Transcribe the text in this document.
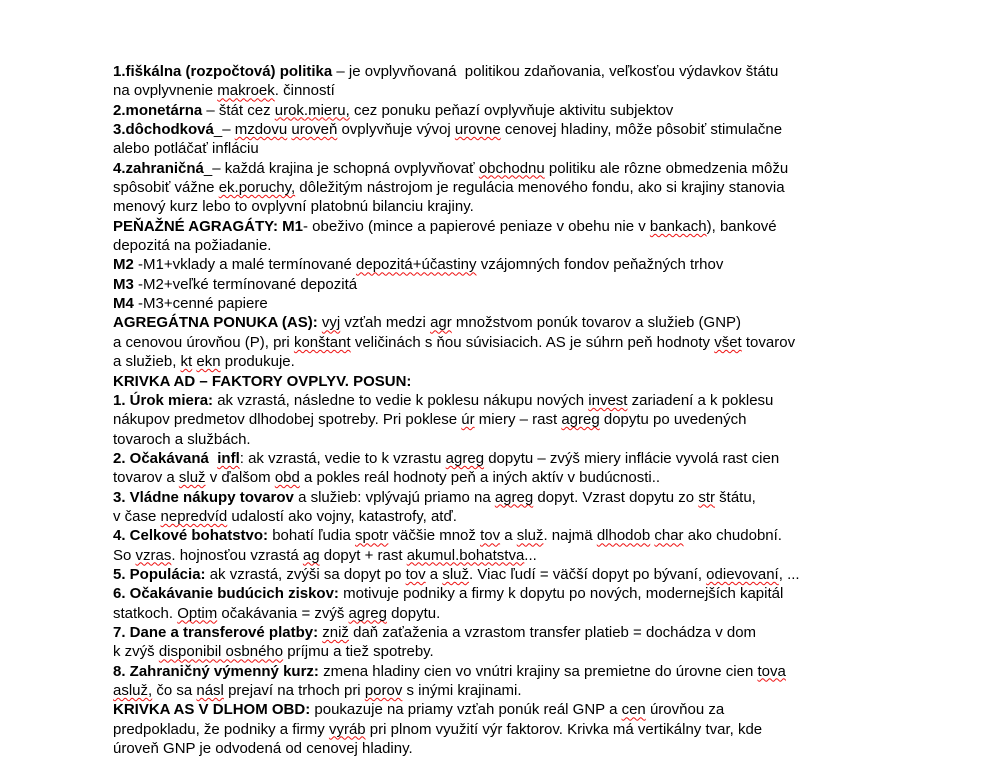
1.fiškálna (rozpočtová) politika – je ovplyvňovaná  politikou zdaňovania, veľkosťou výdavkov štátu
na ovplyvnenie makroek. činností
2.monetárna – štát cez urok.mieru, cez ponuku peňazí ovplyvňuje aktivitu subjektov
3.dôchodková_– mzdovu uroveň ovplyvňuje vývoj urovne cenovej hladiny, môže pôsobiť stimulačne
alebo potláčať infláciu
4.zahraničná_– každá krajina je schopná ovplyvňovať obchodnu politiku ale rôzne obmedzenia môžu
spôsobiť vážne ek.poruchy, dôležitým nástrojom je regulácia menového fondu, ako si krajiny stanovia
menový kurz lebo to ovplyvní platobnú bilanciu krajiny.
PEŇAŽNÉ AGRAGÁTY: M1- obeživo (mince a papierové peniaze v obehu nie v bankach), bankové
depozitá na požiadanie.
M2 -M1+vklady a malé termínované depozitá+účastiny vzájomných fondov peňažných trhov
M3 -M2+veľké termínované depozitá
M4 -M3+cenné papiere
AGREGÁTNA PONUKA (AS): vyj vzťah medzi agr množstvom ponúk tovarov a služieb (GNP)
a cenovou úrovňou (P), pri konštant veličinách s ňou súvisiacich. AS je súhrn peň hodnoty všet tovarov
a služieb, kt ekn produkuje.
KRIVKA AD – FAKTORY OVPLYV. POSUN:
1. Úrok miera: ak vzrastá, následne to vedie k poklesu nákupu nových invest zariadení a k poklesu
nákupov predmetov dlhodobej spotreby. Pri poklese úr miery – rast agreg dopytu po uvedených
tovaroch a službách.
2. Očakávaná  infl: ak vzrastá, vedie to k vzrastu agreg dopytu – zvýš miery inflácie vyvolá rast cien
tovarov a služ v ďalšom obd a pokles reál hodnoty peň a iných aktív v budúcnosti..
3. Vládne nákupy tovarov a služieb: vplývajú priamo na agreg dopyt. Vzrast dopytu zo str štátu,
v čase nepredvíd udalostí ako vojny, katastrofy, atď.
4. Celkové bohatstvo: bohatí ľudia spotr väčšie množ tov a služ. najmä dlhodob char ako chudobní.
So vzras. hojnosťou vzrastá ag dopyt + rast akumul.bohatstva...
5. Populácia: ak vzrastá, zvýši sa dopyt po tov a služ. Viac ľudí = väčší dopyt po bývaní, odievovaní, ...
6. Očakávanie budúcich ziskov: motivuje podniky a firmy k dopytu po nových, modernejších kapitál
statkoch. Optim očakávania = zvýš agreg dopytu.
7. Dane a transferové platby: zniž daň zaťaženia a vzrastom transfer platieb = dochádza v dom
k zvýš disponibil osbného príjmu a tiež spotreby.
8. Zahraničný výmenný kurz: zmena hladiny cien vo vnútri krajiny sa premietne do úrovne cien tova
asluž, čo sa násl prejaví na trhoch pri porov s inými krajinami.
KRIVKA AS V DLHOM OBD: poukazuje na priamy vzťah ponúk reál GNP a cen úrovňou za
predpokladu, že podniky a firmy vyráb pri plnom využití výr faktorov. Krivka má vertikálny tvar, kde
úroveň GNP je odvodená od cenovej hladiny.
